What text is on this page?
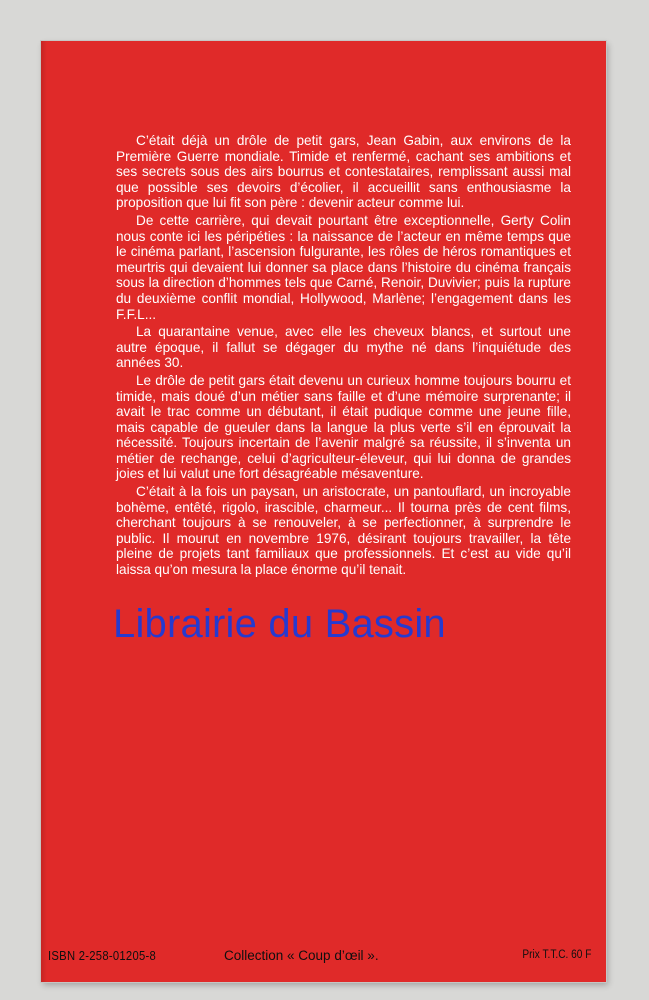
C’était déjà un drôle de petit gars, Jean Gabin, aux environs de la Première Guerre mondiale. Timide et renfermé, cachant ses ambitions et ses secrets sous des airs bourrus et contestataires, remplissant aussi mal que possible ses devoirs d’écolier, il accueillit sans enthousiasme la proposition que lui fit son père : devenir acteur comme lui.

De cette carrière, qui devait pourtant être exceptionnelle, Gerty Colin nous conte ici les péripéties : la naissance de l’acteur en même temps que le cinéma parlant, l’ascension fulgurante, les rôles de héros romantiques et meurtris qui devaient lui donner sa place dans l’histoire du cinéma français sous la direction d’hommes tels que Carné, Renoir, Duvivier; puis la rupture du deuxième conflit mondial, Hollywood, Marlène; l’engagement dans les F.F.L...

La quarantaine venue, avec elle les cheveux blancs, et surtout une autre époque, il fallut se dégager du mythe né dans l’inquiétude des années 30.

Le drôle de petit gars était devenu un curieux homme toujours bourru et timide, mais doué d’un métier sans faille et d’une mémoire surprenante; il avait le trac comme un débutant, il était pudique comme une jeune fille, mais capable de gueuler dans la langue la plus verte s’il en éprouvait la nécessité. Toujours incertain de l’avenir malgré sa réussite, il s’inventa un métier de rechange, celui d’agriculteur-éleveur, qui lui donna de grandes joies et lui valut une fort désagréable mésaventure.

C’était à la fois un paysan, un aristocrate, un pantouflard, un incroyable bohème, entêté, rigolo, irascible, charmeur... Il tourna près de cent films, cherchant toujours à se renouveler, à se perfectionner, à surprendre le public. Il mourut en novembre 1976, désirant toujours travailler, la tête pleine de projets tant familiaux que professionnels. Et c’est au vide qu’il laissa qu’on mesura la place énorme qu’il tenait.

ISBN 2-258-01205-8	Collection « Coup d’œil ».	Prix T.T.C. 60 F
Librairie du Bassin
